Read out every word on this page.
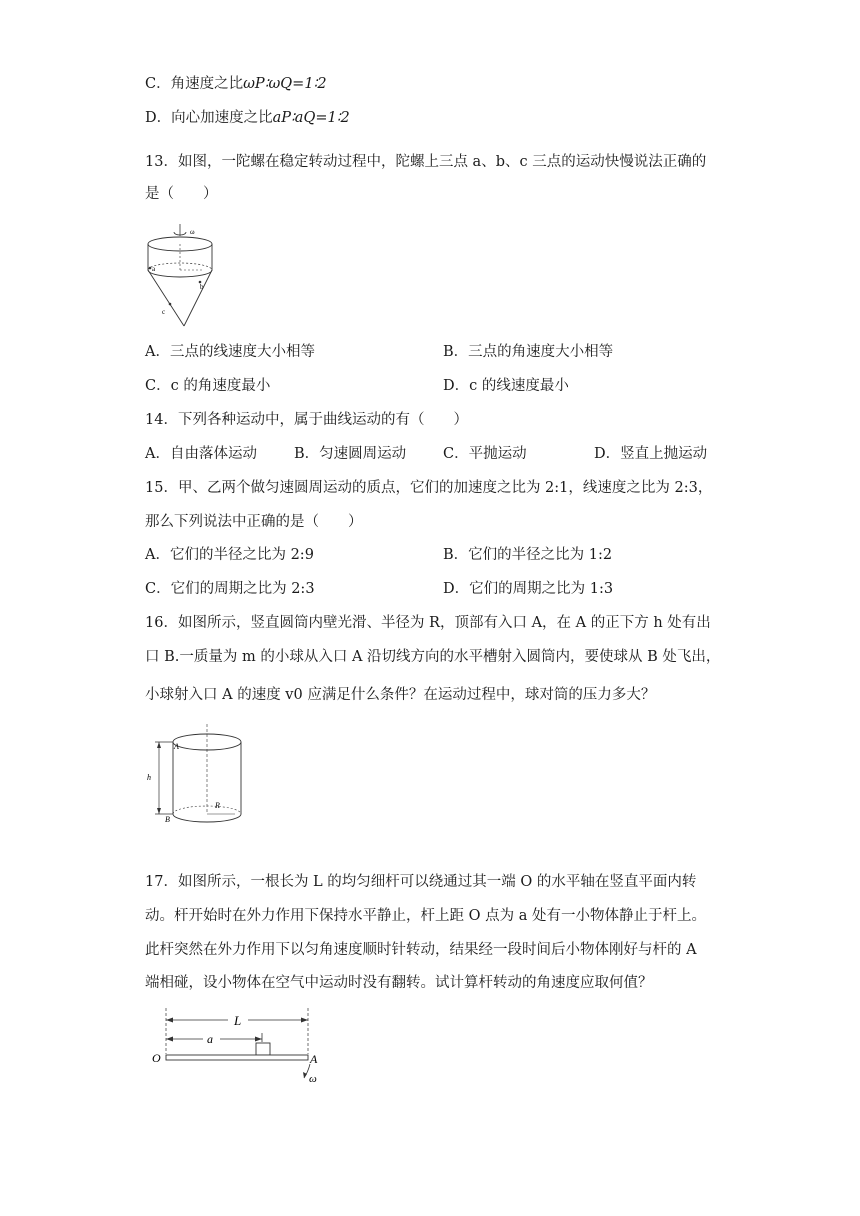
C．角速度之比ωP∶ωQ=1∶2
D．向心加速度之比aP∶aQ=1∶2
13．如图，一陀螺在稳定转动过程中，陀螺上三点 a、b、c 三点的运动快慢说法正确的
是（　　）
ω
a
b
c
A．三点的线速度大小相等	B．三点的角速度大小相等
C．c 的角速度最小	D．c 的线速度最小
14．下列各种运动中，属于曲线运动的有（　　）
A．自由落体运动	B．匀速圆周运动	C．平抛运动	D．竖直上抛运动
15．甲、乙两个做匀速圆周运动的质点，它们的加速度之比为 2:1，线速度之比为 2:3，
那么下列说法中正确的是（　　）
A．它们的半径之比为 2:9	B．它们的半径之比为 1:2
C．它们的周期之比为 2:3	D．它们的周期之比为 1:3
16．如图所示，竖直圆筒内壁光滑、半径为 R，顶部有入口 A，在 A 的正下方 h 处有出
口 B.一质量为 m 的小球从入口 A 沿切线方向的水平槽射入圆筒内，要使球从 B 处飞出，
小球射入口 A 的速度 v0 应满足什么条件？在运动过程中，球对筒的压力多大？
R
h
A
B
17．如图所示，一根长为 L 的均匀细杆可以绕通过其一端 O 的水平轴在竖直平面内转
动。杆开始时在外力作用下保持水平静止，杆上距 O 点为 a 处有一小物体静止于杆上。
此杆突然在外力作用下以匀角速度顺时针转动，结果经一段时间后小物体刚好与杆的 A
端相碰，设小物体在空气中运动时没有翻转。试计算杆转动的角速度应取何值？
L
a
O	A
ω
